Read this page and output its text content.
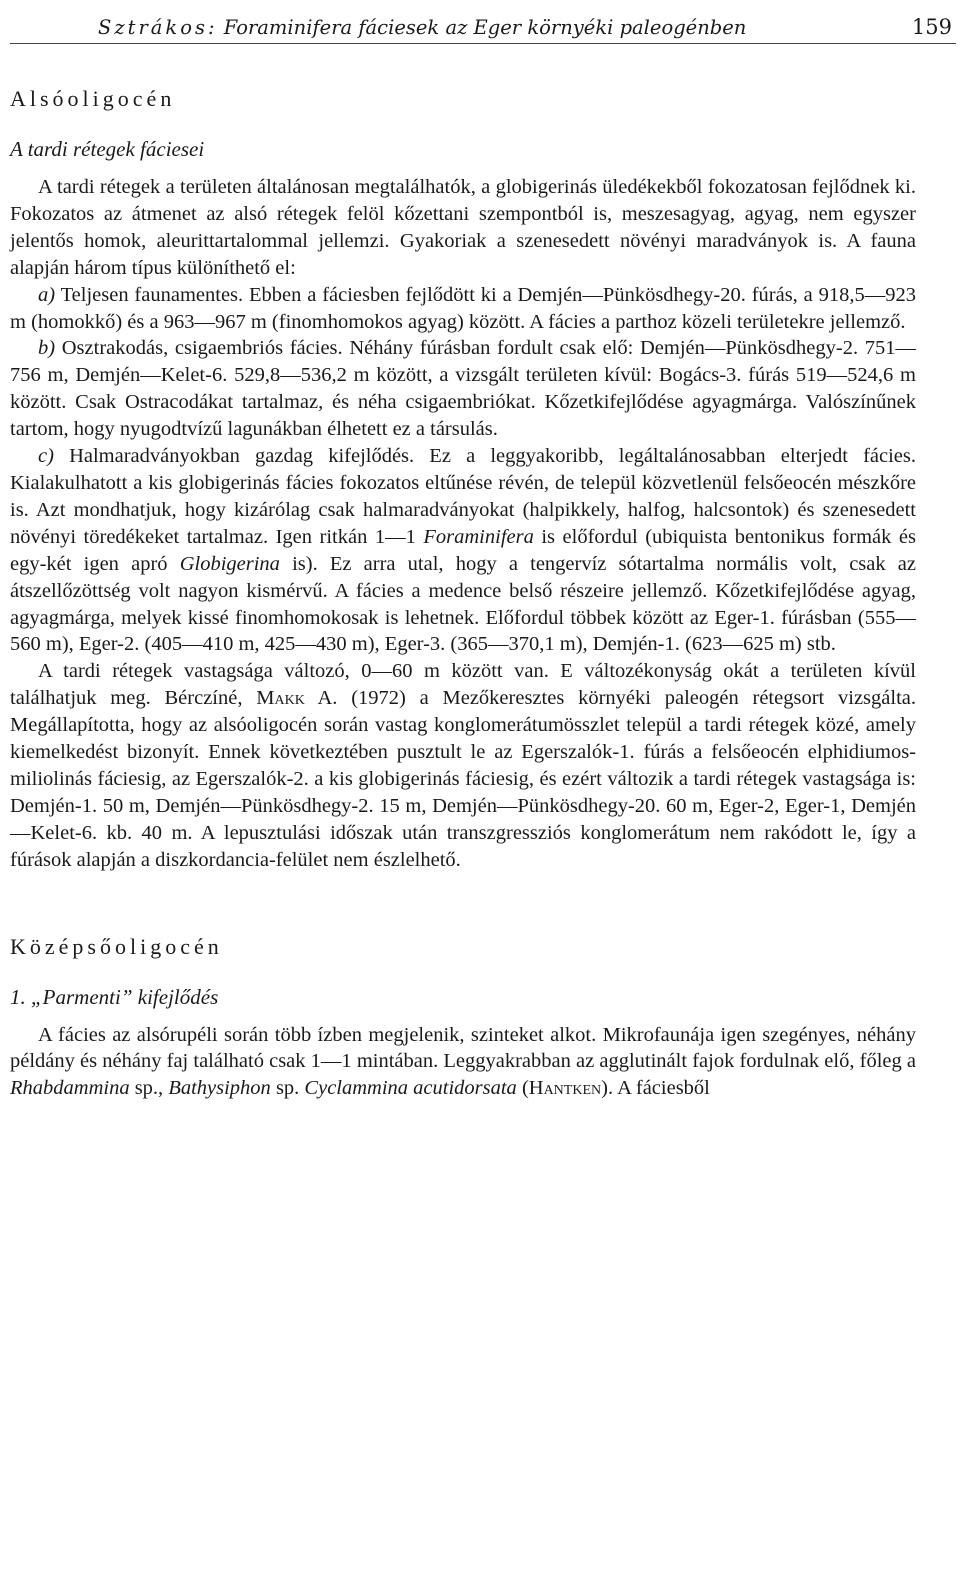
Sztrákos: Foraminifera fáciesek az Eger környéki paleogénben	159
Alsóoligocén
A tardi rétegek fáciesei

A tardi rétegek a területen általánosan megtalálhatók, a globigerinás üledékekből fokozatosan fejlődnek ki. Fokozatos az átmenet az alsó rétegek felöl kőzettani szempontból is, meszesagyag, agyag, nem egyszer jelentős homok, aleurittartalommal jellemzi. Gyakoriak a szenesedett növényi maradványok is. A fauna alapján három típus különíthető el:

a) Teljesen faunamentes. Ebben a fáciesben fejlődött ki a Demjén—Pünkösdhegy-20. fúrás, a 918,5—923 m (homokkő) és a 963—967 m (finomhomokos agyag) között. A fácies a parthoz közeli területekre jellemző.

b) Osztrakodás, csigaembriós fácies. Néhány fúrásban fordult csak elő: Demjén—Pünkösdhegy-2. 751—756 m, Demjén—Kelet-6. 529,8—536,2 m között, a vizsgált területen kívül: Bogács-3. fúrás 519—524,6 m között. Csak Ostracodákat tartalmaz, és néha csigaembriókat. Kőzetkifejlődése agyagmárga. Valószínűnek tartom, hogy nyugodtvízű lagunákban élhetett ez a társulás.

c) Halmaradványokban gazdag kifejlődés. Ez a leggyakoribb, legáltalánosabban elterjedt fácies. Kialakulhatott a kis globigerinás fácies fokozatos eltűnése révén, de települ közvetlenül felsőeocén mészkőre is. Azt mondhatjuk, hogy kizárólag csak halmaradványokat (halpikkely, halfog, halcsontok) és szenesedett növényi töredékeket tartalmaz. Igen ritkán 1—1 Foraminifera is előfordul (ubiquista bentonikus formák és egy-két igen apró Globigerina is). Ez arra utal, hogy a tengervíz sótartalma normális volt, csak az átszellőzöttség volt nagyon kismérvű. A fácies a medence belső részeire jellemző. Kőzetkifejlődése agyag, agyagmárga, melyek kissé finomhomokosak is lehetnek. Előfordul többek között az Eger-1. fúrásban (555—560 m), Eger-2. (405—410 m, 425—430 m), Eger-3. (365—370,1 m), Demjén-1. (623—625 m) stb.

A tardi rétegek vastagsága változó, 0—60 m között van. E változékonyság okát a területen kívül találhatjuk meg. Bérczíné, Makk A. (1972) a Mezőkeresztes környéki paleogén rétegsort vizsgálta. Megállapította, hogy az alsóoligocén során vastag konglomerátumösszlet települ a tardi rétegek közé, amely kiemelkedést bizonyít. Ennek következtében pusztult le az Egerszalók-1. fúrás a felsőeocén elphidiumos-miliolinás fáciesig, az Egerszalók-2. a kis globigerinás fáciesig, és ezért változik a tardi rétegek vastagsága is: Demjén-1. 50 m, Demjén—Pünkösdhegy-2. 15 m, Demjén—Pünkösdhegy-20. 60 m, Eger-2, Eger-1, Demjén—Kelet-6. kb. 40 m. A lepusztulási időszak után transzgressziós konglomerátum nem rakódott le, így a fúrások alapján a diszkordancia-felület nem észlelhető.

Középsőoligocén
1. „Parmenti” kifejlődés

A fácies az alsórupéli során több ízben megjelenik, szinteket alkot. Mikrofaunája igen szegényes, néhány példány és néhány faj található csak 1—1 mintában. Leggyakrabban az agglutinált fajok fordulnak elő, főleg a Rhabdammina sp., Bathysiphon sp. Cyclammina acutidorsata (Hantken). A fáciesből
